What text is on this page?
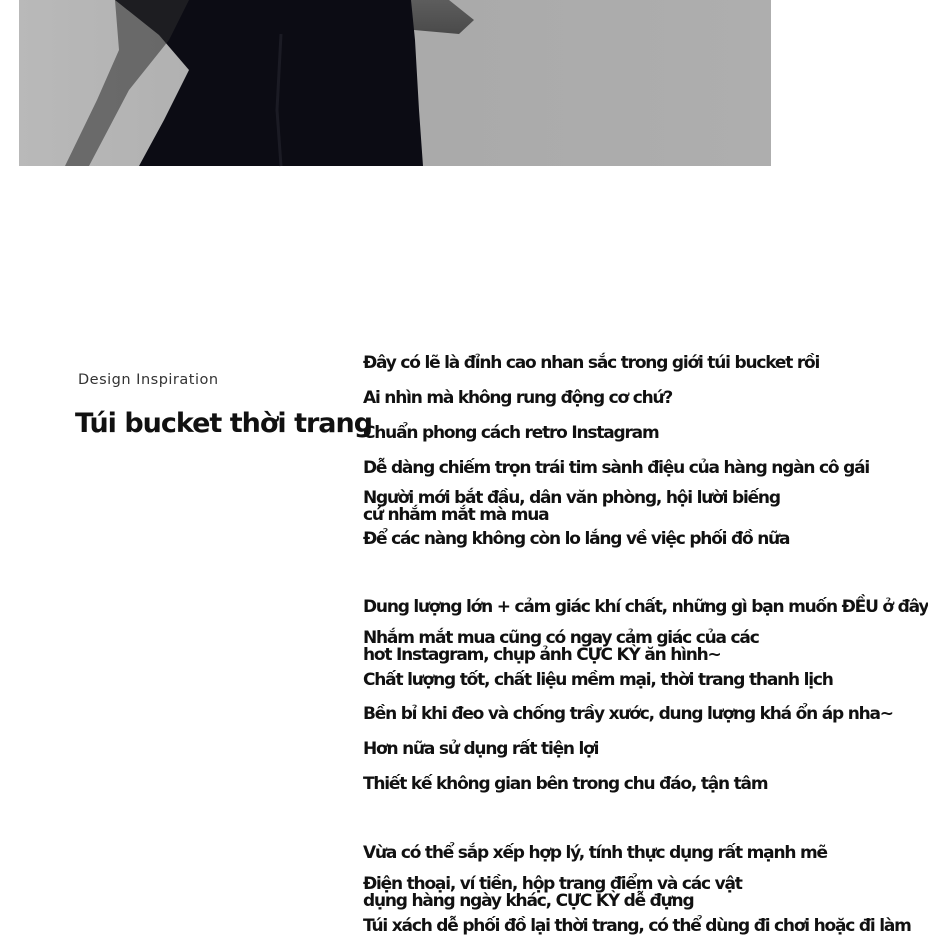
Design Inspiration
Túi bucket thời trang

Đây có lẽ là đỉnh cao nhan sắc trong giới túi bucket rồi

Ai nhìn mà không rung động cơ chứ?

Chuẩn phong cách retro Instagram

Dễ dàng chiếm trọn trái tim sành điệu của hàng ngàn cô gái

Người mới bắt đầu, dân văn phòng, hội lười biếng cứ nhắm mắt mà mua

Để các nàng không còn lo lắng về việc phối đồ nữa

Dung lượng lớn + cảm giác khí chất, những gì bạn muốn ĐỀU ở đây

Nhắm mắt mua cũng có ngay cảm giác của các hot Instagram, chụp ảnh CỰC KỲ ăn hình~

Chất lượng tốt, chất liệu mềm mại, thời trang thanh lịch

Bền bỉ khi đeo và chống trầy xước, dung lượng khá ổn áp nha~

Hơn nữa sử dụng rất tiện lợi

Thiết kế không gian bên trong chu đáo, tận tâm

Vừa có thể sắp xếp hợp lý, tính thực dụng rất mạnh mẽ

Điện thoại, ví tiền, hộp trang điểm và các vật dụng hàng ngày khác, CỰC KỲ dễ đựng

Túi xách dễ phối đồ lại thời trang, có thể dùng đi chơi hoặc đi làm
